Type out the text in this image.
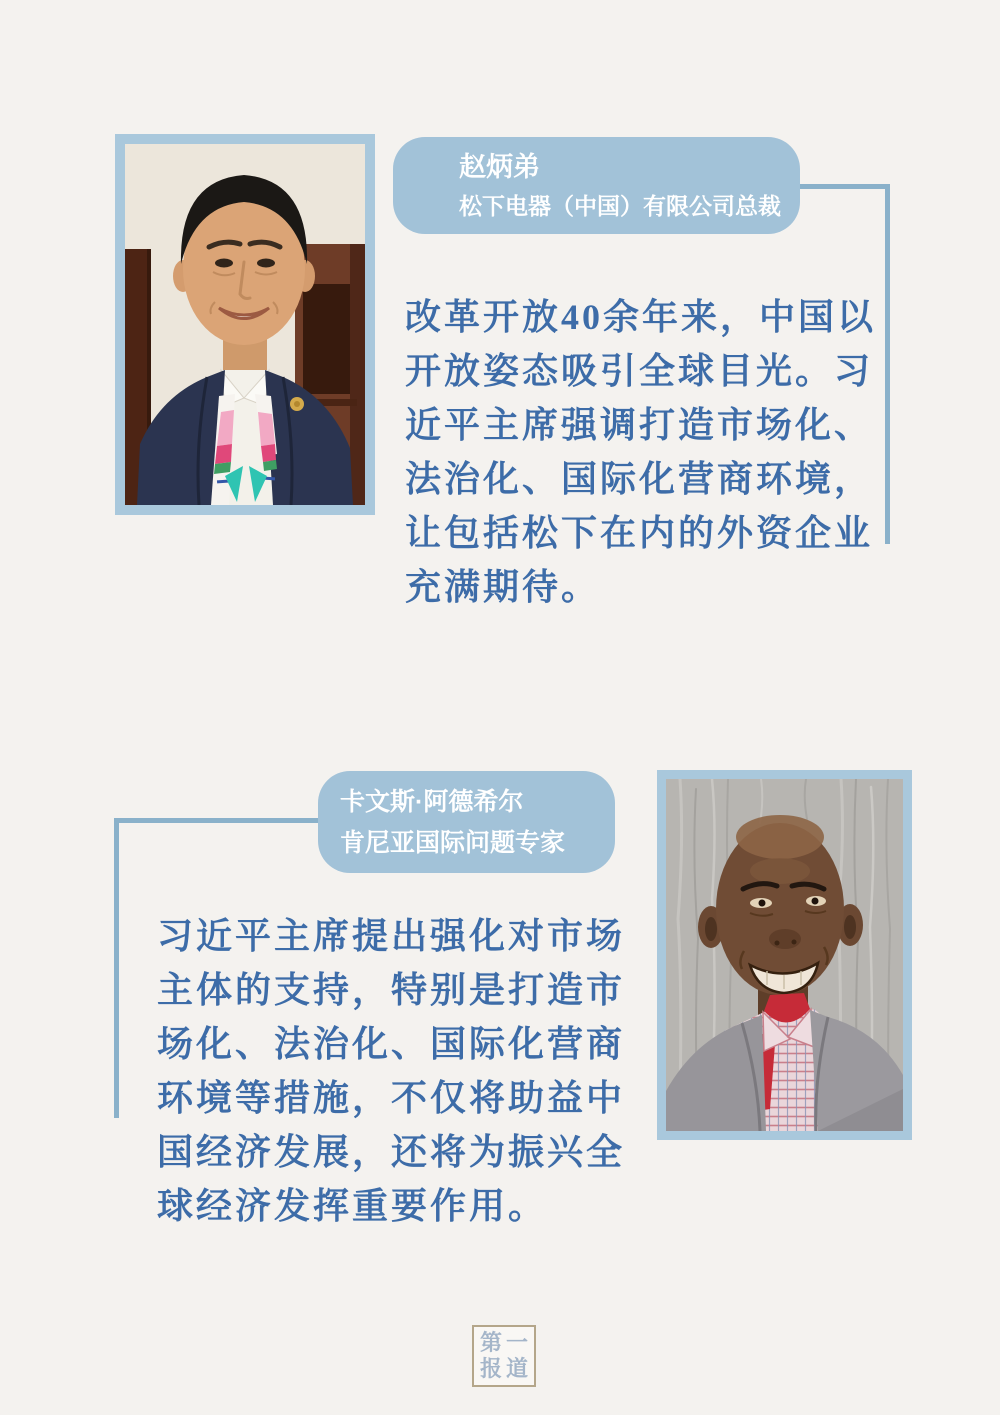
赵炳弟
松下电器（中国）有限公司总裁
改革开放40余年来，中国以
开放姿态吸引全球目光。习
近平主席强调打造市场化、
法治化、国际化营商环境，
让包括松下在内的外资企业
充满期待。
卡文斯·阿德希尔
肯尼亚国际问题专家
习近平主席提出强化对市场
主体的支持，特别是打造市
场化、法治化、国际化营商
环境等措施，不仅将助益中
国经济发展，还将为振兴全
球经济发挥重要作用。
第 一
报 道
